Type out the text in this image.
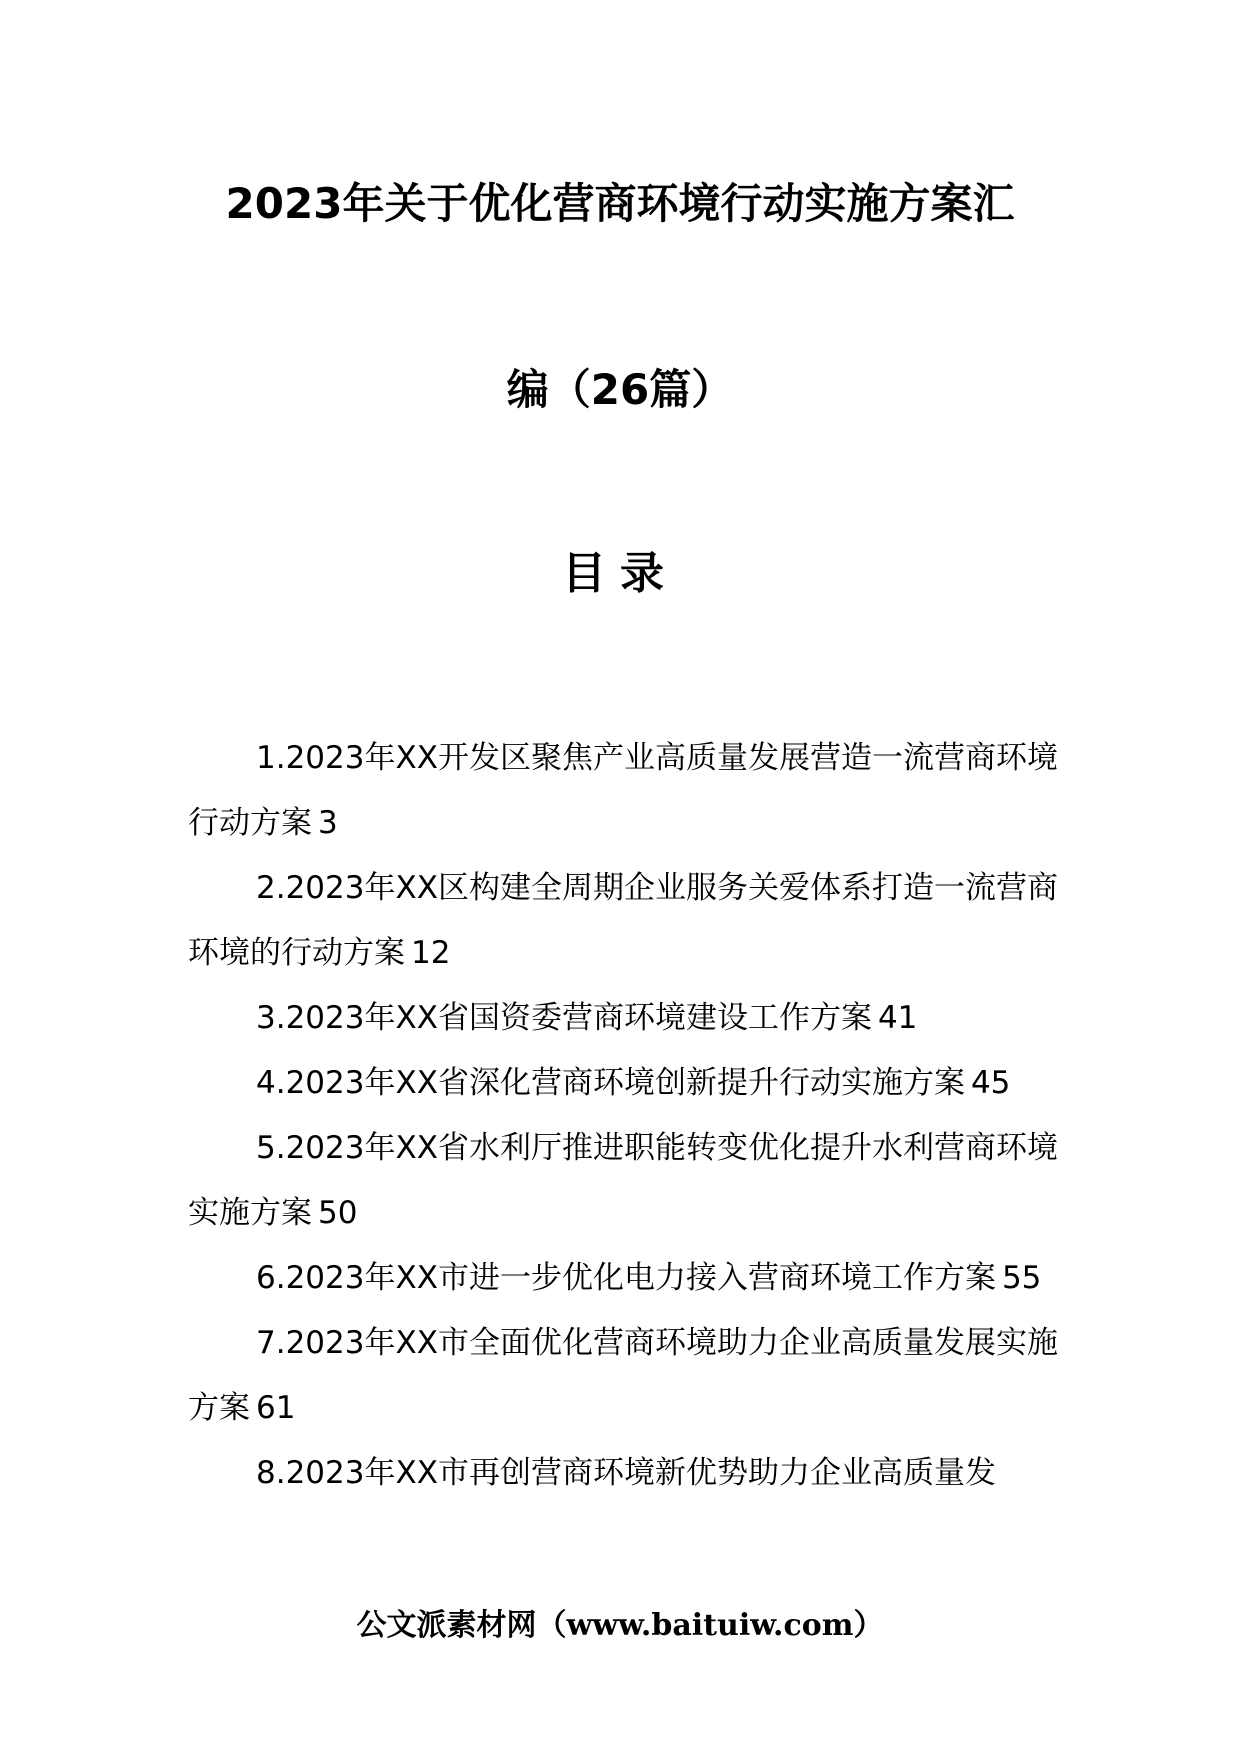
2023年关于优化营商环境行动实施方案汇
编（26篇）
目录
1.2023年XX开发区聚焦产业高质量发展营造一流营商环境行动方案 3
2.2023年XX区构建全周期企业服务关爱体系打造一流营商环境的行动方案 12
3.2023年XX省国资委营商环境建设工作方案 41
4.2023年XX省深化营商环境创新提升行动实施方案 45
5.2023年XX省水利厅推进职能转变优化提升水利营商环境实施方案 50
6.2023年XX市进一步优化电力接入营商环境工作方案 55
7.2023年XX市全面优化营商环境助力企业高质量发展实施方案 61
8.2023年XX市再创营商环境新优势助力企业高质量发
公文派素材网（www.baituiw.com）
